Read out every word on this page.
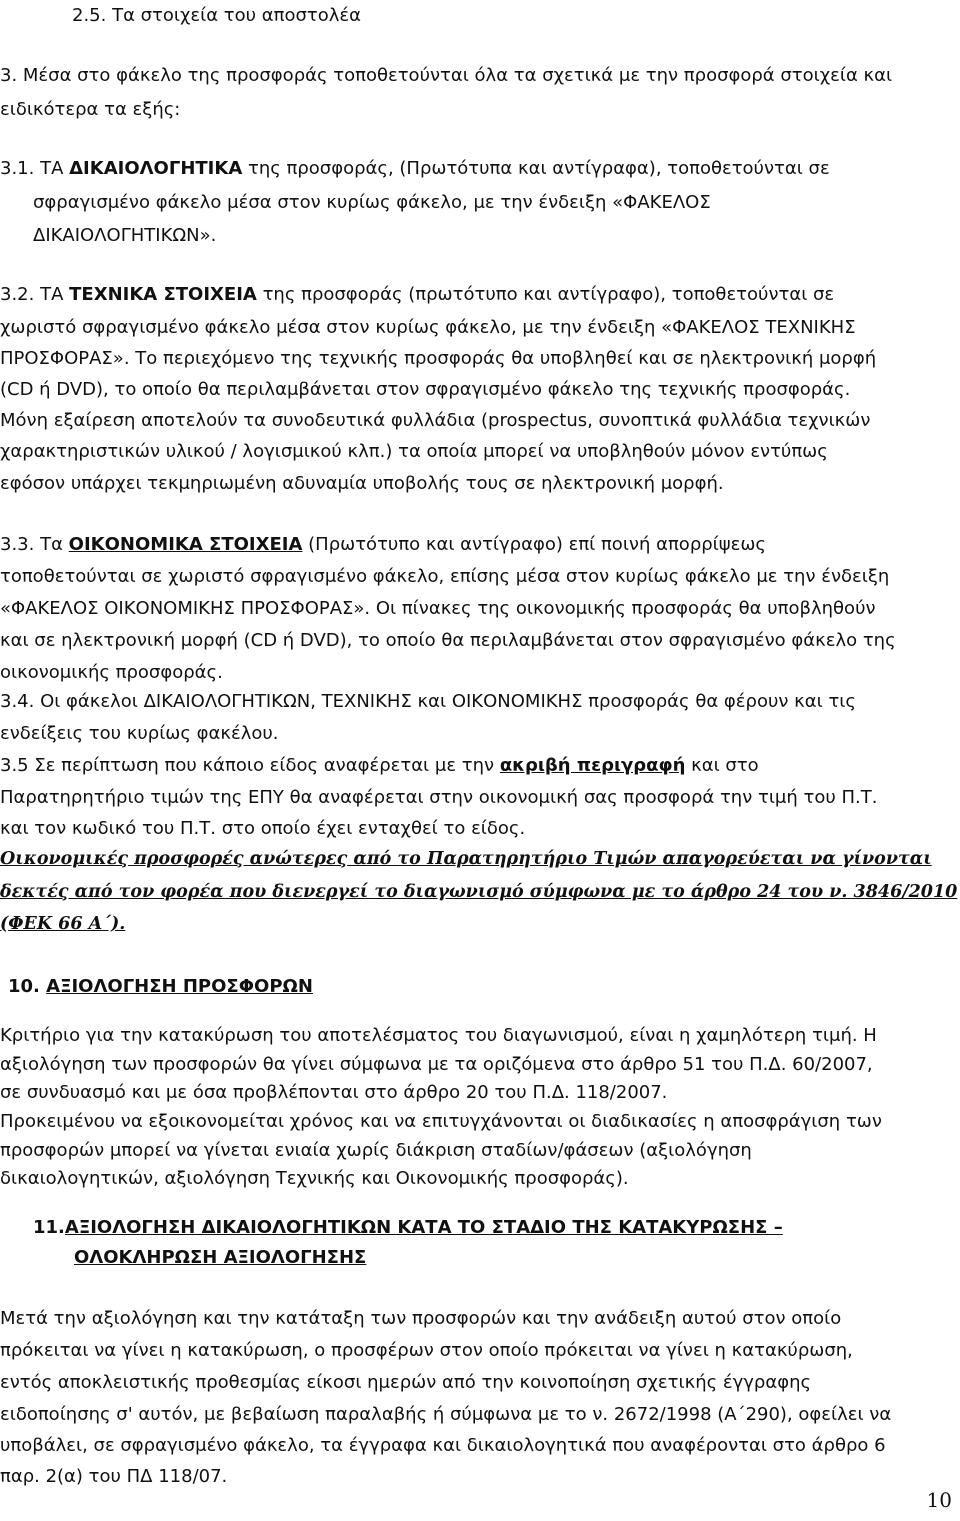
2.5. Τα στοιχεία του αποστολέα
3. Μέσα στο φάκελο της προσφοράς τοποθετούνται όλα τα σχετικά με την προσφορά στοιχεία και
ειδικότερα τα εξής:
3.1. ΤΑ ΔΙΚΑΙΟΛΟΓΗΤΙΚΑ της προσφοράς, (Πρωτότυπα και αντίγραφα), τοποθετούνται σε
σφραγισμένο φάκελο μέσα στον κυρίως φάκελο, με την ένδειξη «ΦΑΚΕΛΟΣ
ΔΙΚΑΙΟΛΟΓΗΤΙΚΩΝ».
3.2. ΤΑ ΤΕΧΝΙΚΑ ΣΤΟΙΧΕΙΑ της προσφοράς (πρωτότυπο και αντίγραφο), τοποθετούνται σε
χωριστό σφραγισμένο φάκελο μέσα στον κυρίως φάκελο, με την ένδειξη «ΦΑΚΕΛΟΣ ΤΕΧΝΙΚΗΣ
ΠΡΟΣΦΟΡΑΣ». Το περιεχόμενο της τεχνικής προσφοράς θα υποβληθεί και σε ηλεκτρονική μορφή
(CD ή DVD), το οποίο θα περιλαμβάνεται στον σφραγισμένο φάκελο της τεχνικής προσφοράς.
Μόνη εξαίρεση αποτελούν τα συνοδευτικά φυλλάδια (prospectus, συνοπτικά φυλλάδια τεχνικών
χαρακτηριστικών υλικού / λογισμικού κλπ.) τα οποία μπορεί να υποβληθούν μόνον εντύπως
εφόσον υπάρχει τεκμηριωμένη αδυναμία υποβολής τους σε ηλεκτρονική μορφή.
3.3. Τα ΟΙΚΟΝΟΜΙΚΑ ΣΤΟΙΧΕΙΑ (Πρωτότυπο και αντίγραφο) επί ποινή απορρίψεως
τοποθετούνται σε χωριστό σφραγισμένο φάκελο, επίσης μέσα στον κυρίως φάκελο με την ένδειξη
«ΦΑΚΕΛΟΣ ΟΙΚΟΝΟΜΙΚΗΣ ΠΡΟΣΦΟΡΑΣ». Οι πίνακες της οικονομικής προσφοράς θα υποβληθούν
και σε ηλεκτρονική μορφή (CD ή DVD), το οποίο θα περιλαμβάνεται στον σφραγισμένο φάκελο της
οικονομικής προσφοράς.
3.4. Οι φάκελοι ΔΙΚΑΙΟΛΟΓΗΤΙΚΩΝ, ΤΕΧΝΙΚΗΣ και ΟΙΚΟΝΟΜΙΚΗΣ προσφοράς θα φέρουν και τις
ενδείξεις του κυρίως φακέλου.
3.5 Σε περίπτωση που κάποιο είδος αναφέρεται με την ακριβή περιγραφή και στο
Παρατηρητήριο τιμών της ΕΠΥ θα αναφέρεται στην οικονομική σας προσφορά την τιμή του Π.Τ.
και τον κωδικό του Π.Τ. στο οποίο έχει ενταχθεί το είδος.
Οικονομικές προσφορές ανώτερες από το Παρατηρητήριο Τιμών απαγορεύεται να γίνονται
δεκτές από τον φορέα που διενεργεί το διαγωνισμό σύμφωνα με το άρθρο 24 του ν. 3846/2010
(ΦΕΚ 66 Α΄).
10. ΑΞΙΟΛΟΓΗΣΗ ΠΡΟΣΦΟΡΩΝ
Κριτήριο για την κατακύρωση του αποτελέσματος του διαγωνισμού, είναι η χαμηλότερη τιμή. Η
αξιολόγηση των προσφορών θα γίνει σύμφωνα με τα οριζόμενα στο άρθρο 51 του Π.Δ. 60/2007,
σε συνδυασμό και με όσα προβλέπονται στο άρθρο 20 του Π.Δ. 118/2007.
Προκειμένου να εξοικονομείται χρόνος και να επιτυγχάνονται οι διαδικασίες η αποσφράγιση των
προσφορών μπορεί να γίνεται ενιαία χωρίς διάκριση σταδίων/φάσεων (αξιολόγηση
δικαιολογητικών, αξιολόγηση Τεχνικής και Οικονομικής προσφοράς).
11.ΑΞΙΟΛΟΓΗΣΗ ΔΙΚΑΙΟΛΟΓΗΤΙΚΩΝ ΚΑΤΑ ΤΟ ΣΤΑΔΙΟ ΤΗΣ ΚΑΤΑΚΥΡΩΣΗΣ –
ΟΛΟΚΛΗΡΩΣΗ ΑΞΙΟΛΟΓΗΣΗΣ
Μετά την αξιολόγηση και την κατάταξη των προσφορών και την ανάδειξη αυτού στον οποίο
πρόκειται να γίνει η κατακύρωση, ο προσφέρων στον οποίο πρόκειται να γίνει η κατακύρωση,
εντός αποκλειστικής προθεσμίας είκοσι ημερών από την κοινοποίηση σχετικής έγγραφης
ειδοποίησης σ' αυτόν, με βεβαίωση παραλαβής ή σύμφωνα με το ν. 2672/1998 (Α΄290), οφείλει να
υποβάλει, σε σφραγισμένο φάκελο, τα έγγραφα και δικαιολογητικά που αναφέρονται στο άρθρο 6
παρ. 2(α) του ΠΔ 118/07.
10
